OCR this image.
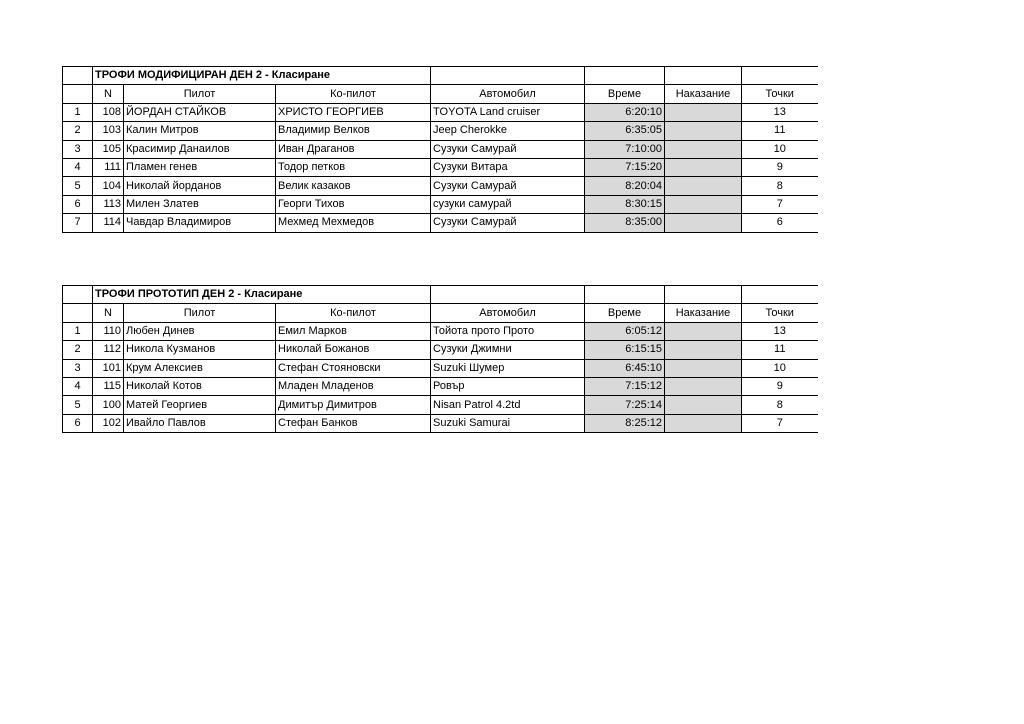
	ТРОФИ МОДИФИЦИРАН ДЕН 2 - Класиране						
	N	Пилот	Ко-пилот	Автомобил	Време	Наказание	Точки
1	108	ЙОРДАН СТАЙКОВ	ХРИСТО ГЕОРГИЕВ	TOYOTA Land cruiser	6:20:10		13
2	103	Калин Митров	Владимир Велков	Jeep Cherokke	6:35:05		11
3	105	Красимир Данаилов	Иван Драганов	Сузуки Самурай	7:10:00		10
4	111	Пламен генев	Тодор петков	Сузуки Витара	7:15:20		9
5	104	Николай йорданов	Велик казаков	Сузуки Самурай	8:20:04		8
6	113	Милен Златев	Георги Тихов	сузуки самурай	8:30:15		7
7	114	Чавдар Владимиров	Мехмед Мехмедов	Сузуки Самурай	8:35:00		6
	ТРОФИ ПРОТОТИП ДЕН 2 - Класиране						
	N	Пилот	Ко-пилот	Автомобил	Време	Наказание	Точки
1	110	Любен Динев	Емил Марков	Тойота прото Прото	6:05:12		13
2	112	Никола Кузманов	Николай Божанов	Сузуки Джимни	6:15:15		11
3	101	Крум Алексиев	Стефан Стояновски	Suzuki Шумер	6:45:10		10
4	115	Николай Котов	Младен Младенов	Ровър	7:15:12		9
5	100	Матей Георгиев	Димитър Димитров	Nisan Patrol 4.2td	7:25:14		8
6	102	Ивайло Павлов	Стефан Банков	Suzuki Samurai	8:25:12		7
